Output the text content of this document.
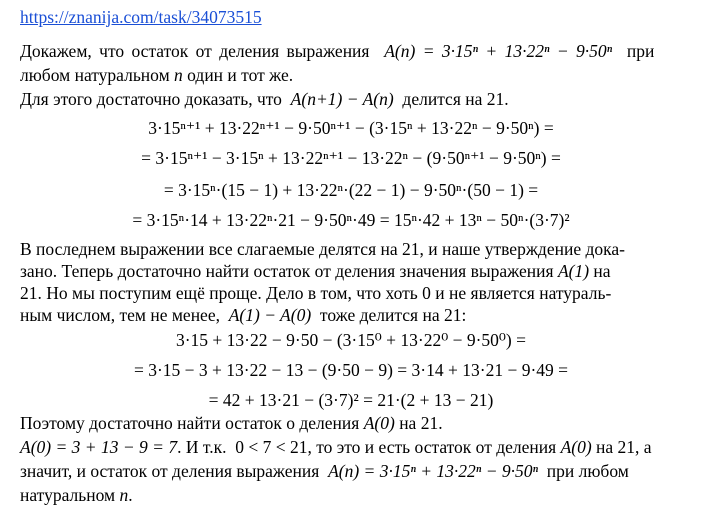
https://znanija.com/task/34073515
Докажем, что остаток от деления выражения A(n) = 3·15ⁿ + 13·22ⁿ − 9·50ⁿ при
любом натуральном n один и тот же.
Для этого достаточно доказать, что A(n+1) − A(n) делится на 21.
3·15ⁿ⁺¹ + 13·22ⁿ⁺¹ − 9·50ⁿ⁺¹ − (3·15ⁿ + 13·22ⁿ − 9·50ⁿ) =
= 3·15ⁿ⁺¹ − 3·15ⁿ + 13·22ⁿ⁺¹ − 13·22ⁿ − (9·50ⁿ⁺¹ − 9·50ⁿ) =
= 3·15ⁿ·(15 − 1) + 13·22ⁿ·(22 − 1) − 9·50ⁿ·(50 − 1) =
= 3·15ⁿ·14 + 13·22ⁿ·21 − 9·50ⁿ·49 = 15ⁿ·42 + 13ⁿ − 50ⁿ·(3·7)²
В последнем выражении все слагаемые делятся на 21, и наше утверждение дока-
зано. Теперь достаточно найти остаток от деления значения выражения A(1) на
21. Но мы поступим ещё проще. Дело в том, что хоть 0 и не является натураль-
ным числом, тем не менее, A(1) − A(0) тоже делится на 21:
3·15 + 13·22 − 9·50 − (3·15⁰ + 13·22⁰ − 9·50⁰) =
= 3·15 − 3 + 13·22 − 13 − (9·50 − 9) = 3·14 + 13·21 − 9·49 =
= 42 + 13·21 − (3·7)² = 21·(2 + 13 − 21)
Поэтому достаточно найти остаток о деления A(0) на 21.
A(0) = 3 + 13 − 9 = 7. И т.к. 0 < 7 < 21, то это и есть остаток от деления A(0) на 21, а
значит, и остаток от деления выражения A(n) = 3·15ⁿ + 13·22ⁿ − 9·50ⁿ при любом
натуральном n.
